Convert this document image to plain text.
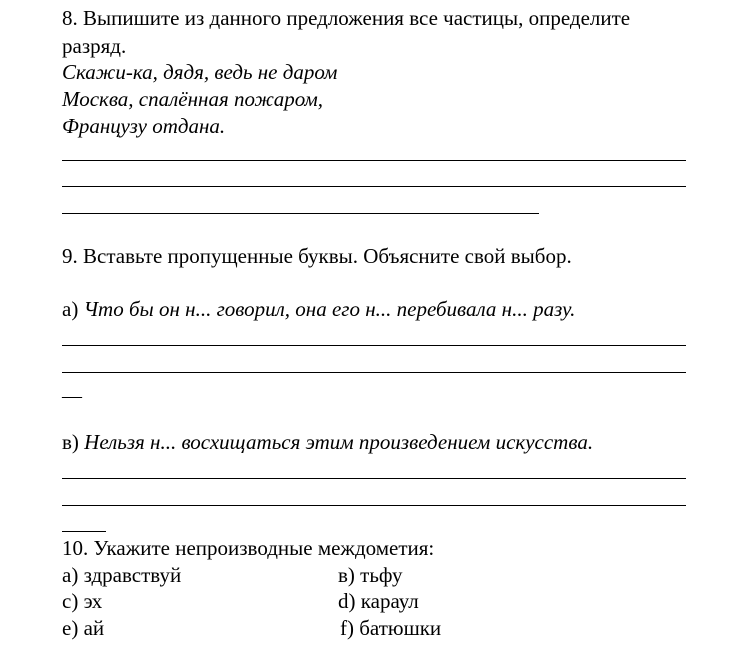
8. Выпишите из данного предложения все частицы, определите
разряд.
Скажи-ка, дядя, ведь не даром
Москва, спалённая пожаром,
Французу отдана.
9. Вставьте пропущенные буквы. Объясните свой выбор.
а) Что бы он н... говорил, она его н... перебивала н... разу.
—
в) Нельзя н... восхищаться этим произведением искусства.
10. Укажите непроизводные междометия:
а) здравствуй	в) тьфу
с) эх	d) караул
е) ай	f) батюшки
